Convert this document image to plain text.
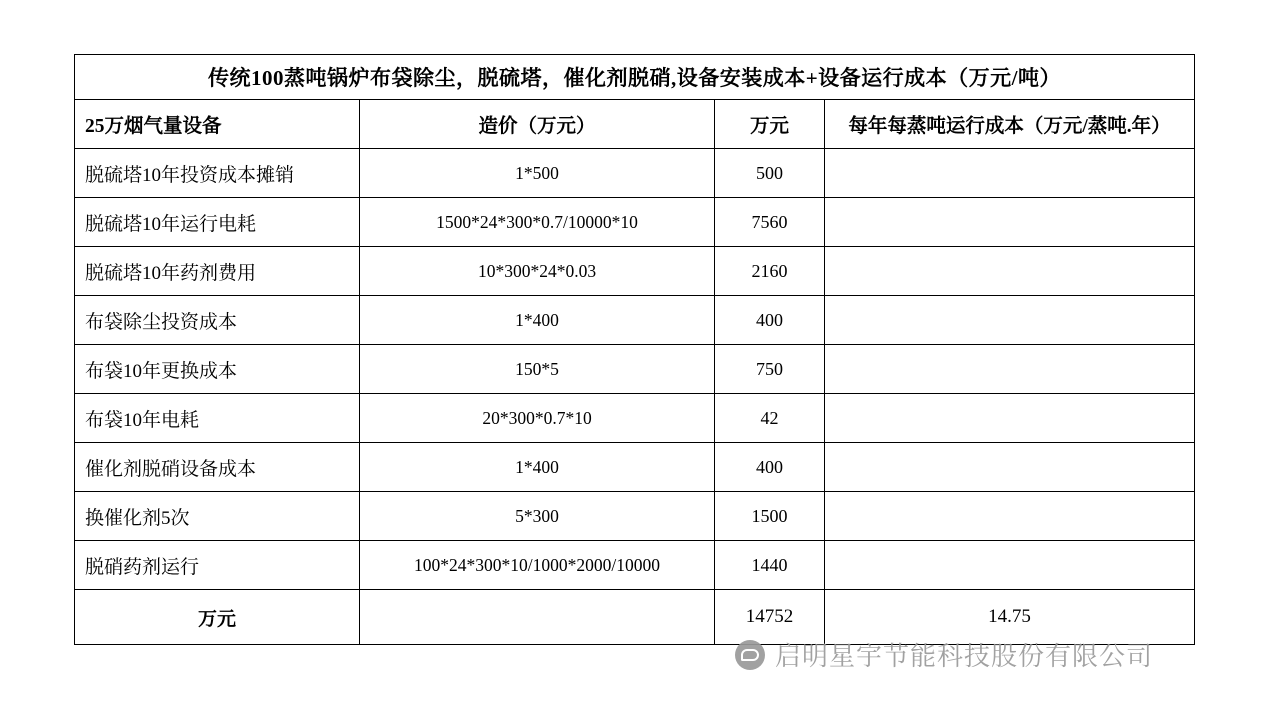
传统100蒸吨锅炉布袋除尘，脱硫塔，催化剂脱硝,设备安装成本+设备运行成本（万元/吨）			
25万烟气量设备	造价（万元）	万元	每年每蒸吨运行成本（万元/蒸吨.年）
脱硫塔10年投资成本摊销	1*500	500	
脱硫塔10年运行电耗	1500*24*300*0.7/10000*10	7560	
脱硫塔10年药剂费用	10*300*24*0.03	2160	
布袋除尘投资成本	1*400	400	
布袋10年更换成本	150*5	750	
布袋10年电耗	20*300*0.7*10	42	
催化剂脱硝设备成本	1*400	400	
换催化剂5次	5*300	1500	
脱硝药剂运行	100*24*300*10/1000*2000/10000	1440	
万元		14752	14.75
启明星宇节能科技股份有限公司
